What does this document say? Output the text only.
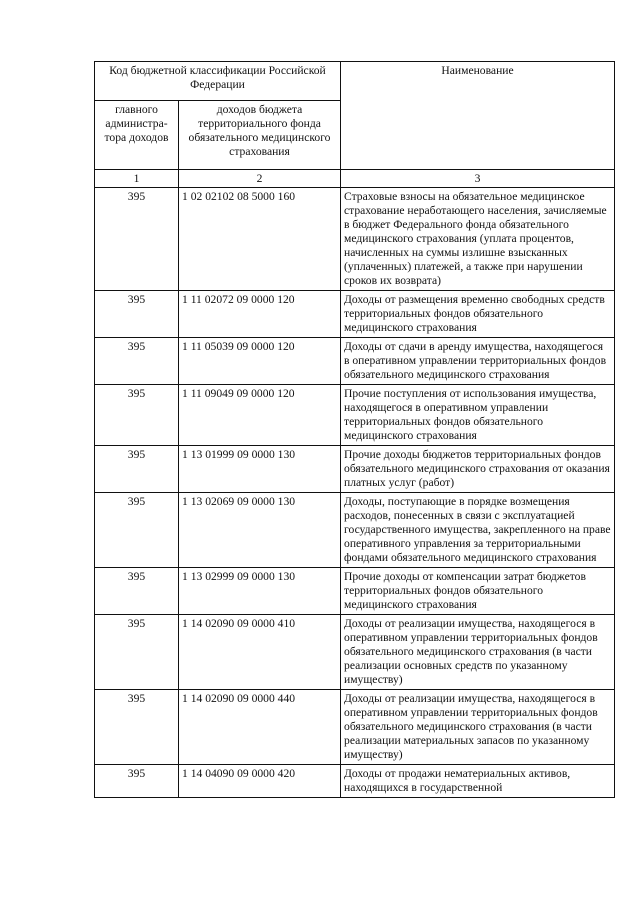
Код бюджетной классификации Российской Федерации		Наименование
главного администра-тора доходов	доходов бюджета территориального фонда обязательного медицинского страхования	
1	2	3
395	1 02 02102 08 5000 160	Страховые взносы на обязательное медицинское страхование неработающего населения, зачисляемые в бюджет Федерального фонда обязательного медицинского страхования (уплата процентов, начисленных на суммы излишне взысканных (уплаченных) платежей, а также при нарушении сроков их возврата)
395	1 11 02072 09 0000 120	Доходы от размещения временно свободных средств территориальных фондов обязательного медицинского страхования
395	1 11 05039 09 0000 120	Доходы от сдачи в аренду имущества, находящегося в оперативном управлении территориальных фондов обязательного медицинского страхования
395	1 11 09049 09 0000 120	Прочие поступления от использования имущества, находящегося в оперативном управлении территориальных фондов обязательного медицинского страхования
395	1 13 01999 09 0000 130	Прочие доходы бюджетов территориальных фондов обязательного медицинского страхования от оказания платных услуг (работ)
395	1 13 02069 09 0000 130	Доходы, поступающие в порядке возмещения расходов, понесенных в связи с эксплуатацией государственного имущества, закрепленного на праве оперативного управления за территориальными фондами обязательного медицинского страхования
395	1 13 02999 09 0000 130	Прочие доходы от компенсации затрат бюджетов территориальных фондов обязательного медицинского страхования
395	1 14 02090 09 0000 410	Доходы от реализации имущества, находящегося в оперативном управлении территориальных фондов обязательного медицинского страхования (в части реализации основных средств по указанному имуществу)
395	1 14 02090 09 0000 440	Доходы от реализации имущества, находящегося в оперативном управлении территориальных фондов обязательного медицинского страхования (в части реализации материальных запасов по указанному имуществу)
395	1 14 04090 09 0000 420	Доходы от продажи нематериальных активов, находящихся в государственной
